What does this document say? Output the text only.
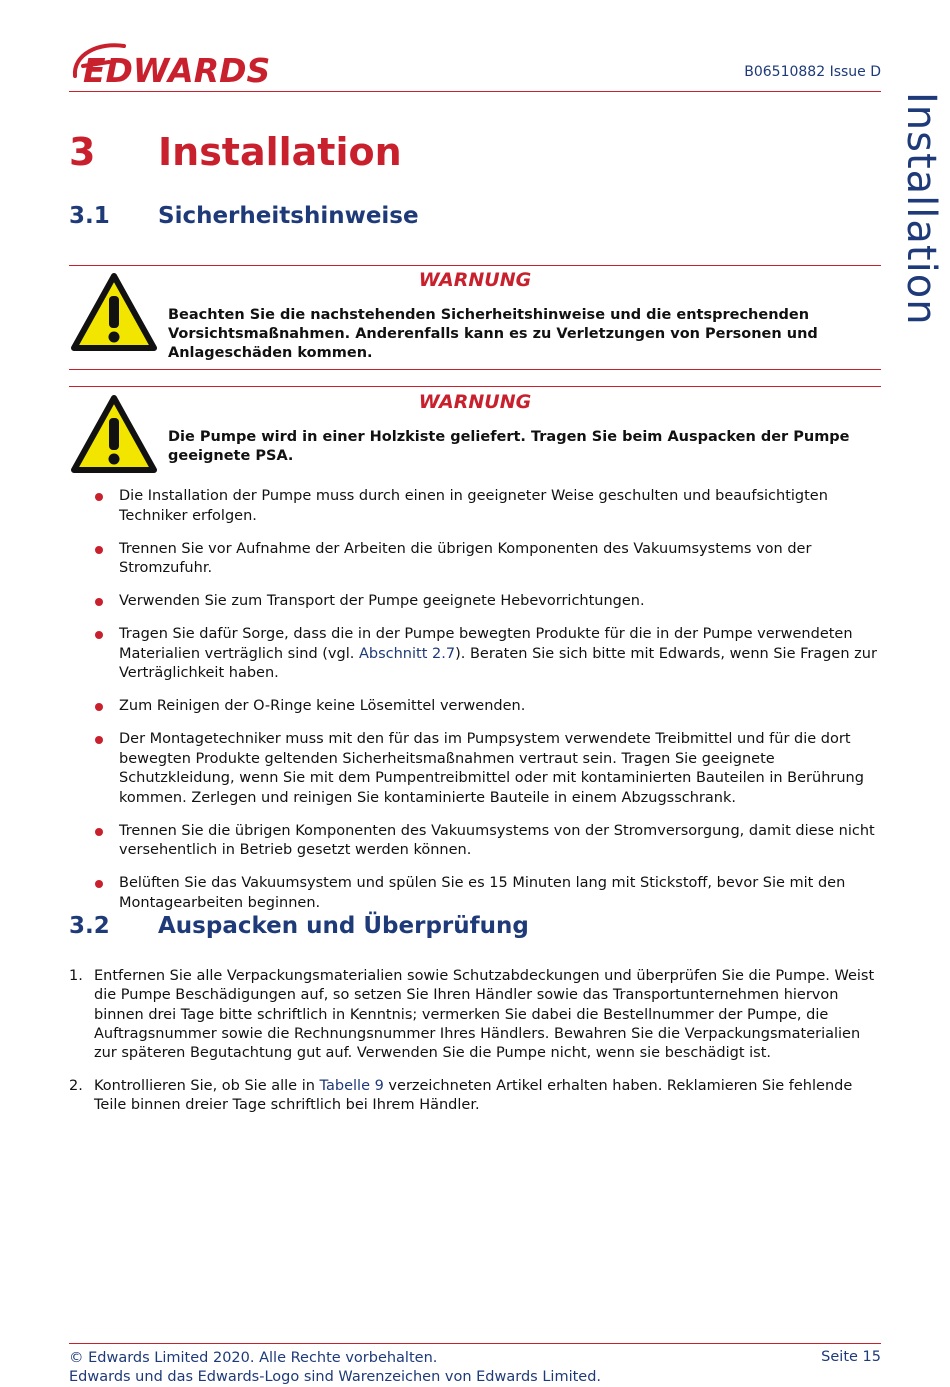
EDWARDS	B06510882 Issue D
Installation
3 Installation
3.1 Sicherheitshinweise
WARNUNG
Beachten Sie die nachstehenden Sicherheitshinweise und die entsprechenden Vorsichtsmaßnahmen. Anderenfalls kann es zu Verletzungen von Personen und Anlageschäden kommen.
WARNUNG
Die Pumpe wird in einer Holzkiste geliefert. Tragen Sie beim Auspacken der Pumpe geeignete PSA.
Die Installation der Pumpe muss durch einen in geeigneter Weise geschulten und beaufsichtigten Techniker erfolgen.
Trennen Sie vor Aufnahme der Arbeiten die übrigen Komponenten des Vakuumsystems von der Stromzufuhr.
Verwenden Sie zum Transport der Pumpe geeignete Hebevorrichtungen.
Tragen Sie dafür Sorge, dass die in der Pumpe bewegten Produkte für die in der Pumpe verwendeten Materialien verträglich sind (vgl. Abschnitt 2.7). Beraten Sie sich bitte mit Edwards, wenn Sie Fragen zur Verträglichkeit haben.
Zum Reinigen der O-Ringe keine Lösemittel verwenden.
Der Montagetechniker muss mit den für das im Pumpsystem verwendete Treibmittel und für die dort bewegten Produkte geltenden Sicherheitsmaßnahmen vertraut sein. Tragen Sie geeignete Schutzkleidung, wenn Sie mit dem Pumpentreibmittel oder mit kontaminierten Bauteilen in Berührung kommen. Zerlegen und reinigen Sie kontaminierte Bauteile in einem Abzugsschrank.
Trennen Sie die übrigen Komponenten des Vakuumsystems von der Stromversorgung, damit diese nicht versehentlich in Betrieb gesetzt werden können.
Belüften Sie das Vakuumsystem und spülen Sie es 15 Minuten lang mit Stickstoff, bevor Sie mit den Montagearbeiten beginnen.
3.2 Auspacken und Überprüfung
1. Entfernen Sie alle Verpackungsmaterialien sowie Schutzabdeckungen und überprüfen Sie die Pumpe. Weist die Pumpe Beschädigungen auf, so setzen Sie Ihren Händler sowie das Transportunternehmen hiervon binnen drei Tage bitte schriftlich in Kenntnis; vermerken Sie dabei die Bestellnummer der Pumpe, die Auftragsnummer sowie die Rechnungsnummer Ihres Händlers. Bewahren Sie die Verpackungsmaterialien zur späteren Begutachtung gut auf. Verwenden Sie die Pumpe nicht, wenn sie beschädigt ist.
2. Kontrollieren Sie, ob Sie alle in Tabelle 9 verzeichneten Artikel erhalten haben. Reklamieren Sie fehlende Teile binnen dreier Tage schriftlich bei Ihrem Händler.
© Edwards Limited 2020. Alle Rechte vorbehalten.
Edwards und das Edwards-Logo sind Warenzeichen von Edwards Limited.
Seite 15
